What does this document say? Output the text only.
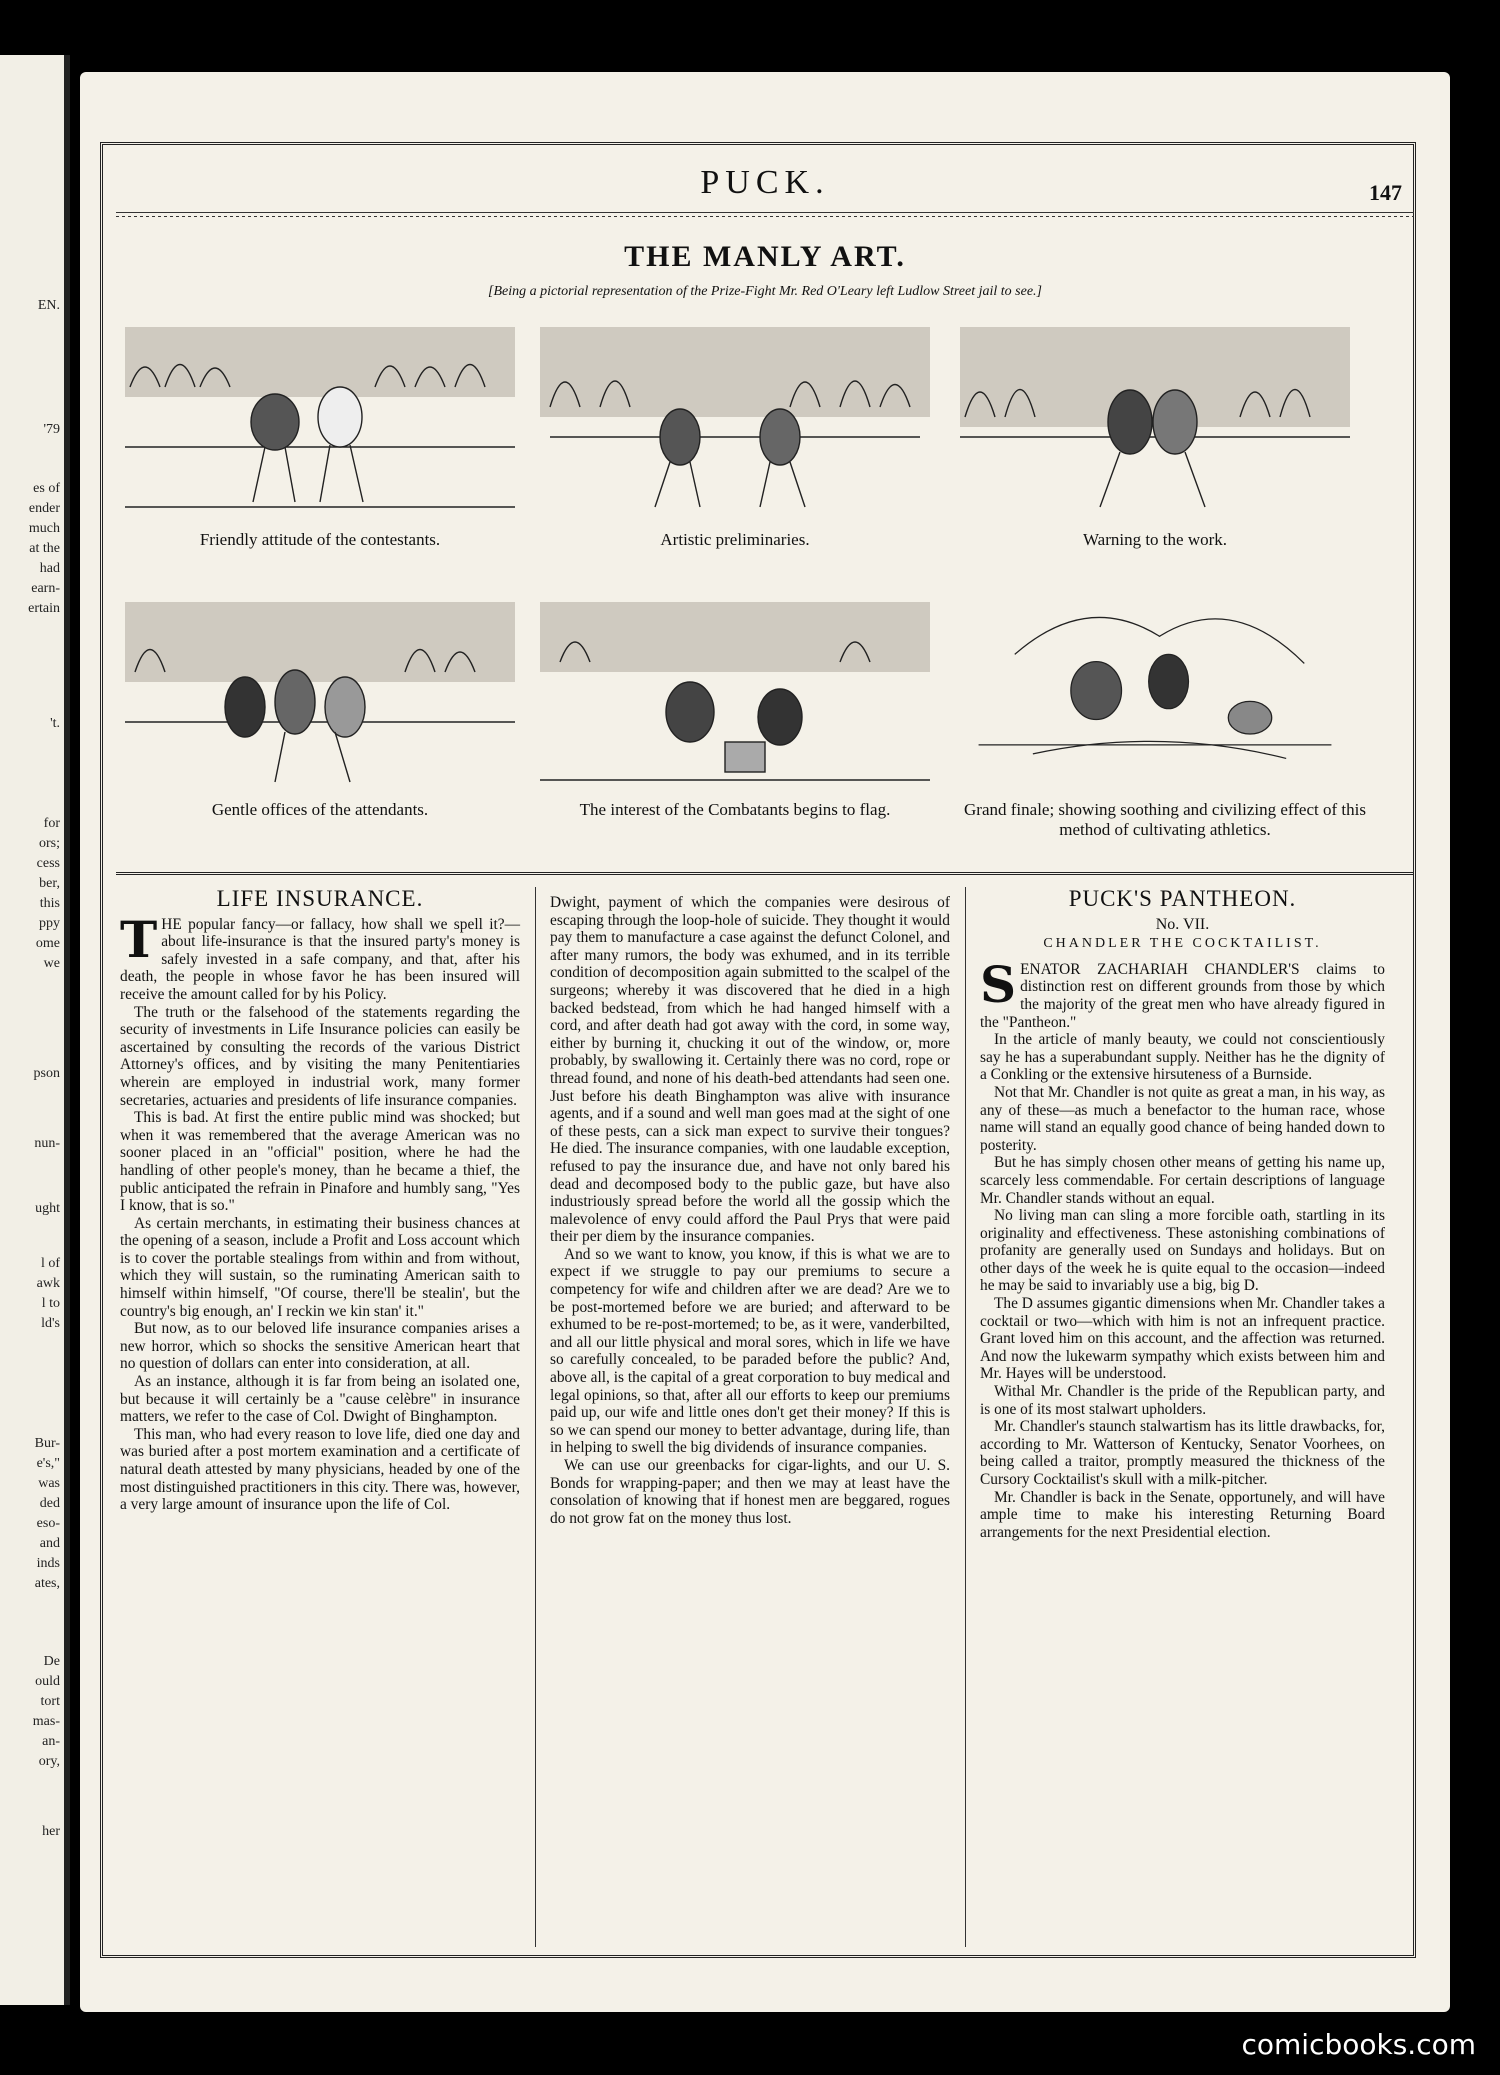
EN.
'79
es of
ender
much
at the
had
earn-
ertain
't.
for
ors;
cess
ber,
this
ppy
ome
we
pson
nun-
ught
l of
awk
l to
ld's
Bur-
e's,"
was
ded
eso-
and
inds
ates,
De
ould
tort
mas-
an-
ory,
her
PUCK.	147
THE MANLY ART.
[Being a pictorial representation of the Prize-Fight Mr. Red O'Leary left Ludlow Street jail to see.]
Friendly attitude of the contestants.	Artistic preliminaries.	Warning to the work.
Gentle offices of the attendants.	The interest of the Combatants begins to flag.	Grand finale; showing soothing and civilizing effect of this method of cultivating athletics.
LIFE INSURANCE.

THE popular fancy—or fallacy, how shall we spell it?—about life-insurance is that the insured party's money is safely invested in a safe company, and that, after his death, the people in whose favor he has been insured will receive the amount called for by his Policy.

The truth or the falsehood of the statements regarding the security of investments in Life Insurance policies can easily be ascertained by consulting the records of the various District Attorney's offices, and by visiting the many Penitentiaries wherein are employed in industrial work, many former secretaries, actuaries and presidents of life insurance companies.

This is bad. At first the entire public mind was shocked; but when it was remembered that the average American was no sooner placed in an "official" position, where he had the handling of other people's money, than he became a thief, the public anticipated the refrain in Pinafore and humbly sang, "Yes I know, that is so."

As certain merchants, in estimating their business chances at the opening of a season, include a Profit and Loss account which is to cover the portable stealings from within and from without, which they will sustain, so the ruminating American saith to himself within himself, "Of course, there'll be stealin', but the country's big enough, an' I reckin we kin stan' it."

But now, as to our beloved life insurance companies arises a new horror, which so shocks the sensitive American heart that no question of dollars can enter into consideration, at all.

As an instance, although it is far from being an isolated one, but because it will certainly be a "cause celèbre" in insurance matters, we refer to the case of Col. Dwight of Binghampton.

This man, who had every reason to love life, died one day and was buried after a post mortem examination and a certificate of natural death attested by many physicians, headed by one of the most distinguished practitioners in this city. There was, however, a very large amount of insurance upon the life of Col.

Dwight, payment of which the companies were desirous of escaping through the loop-hole of suicide. They thought it would pay them to manufacture a case against the defunct Colonel, and after many rumors, the body was exhumed, and in its terrible condition of decomposition again submitted to the scalpel of the surgeons; whereby it was discovered that he died in a high backed bedstead, from which he had hanged himself with a cord, and after death had got away with the cord, in some way, either by burning it, chucking it out of the window, or, more probably, by swallowing it. Certainly there was no cord, rope or thread found, and none of his death-bed attendants had seen one. Just before his death Binghampton was alive with insurance agents, and if a sound and well man goes mad at the sight of one of these pests, can a sick man expect to survive their tongues? He died. The insurance companies, with one laudable exception, refused to pay the insurance due, and have not only bared his dead and decomposed body to the public gaze, but have also industriously spread before the world all the gossip which the malevolence of envy could afford the Paul Prys that were paid their per diem by the insurance companies.

And so we want to know, you know, if this is what we are to expect if we struggle to pay our premiums to secure a competency for wife and children after we are dead? Are we to be post-mortemed before we are buried; and afterward to be exhumed to be re-post-mortemed; to be, as it were, vanderbilted, and all our little physical and moral sores, which in life we have so carefully concealed, to be paraded before the public? And, above all, is the capital of a great corporation to buy medical and legal opinions, so that, after all our efforts to keep our premiums paid up, our wife and little ones don't get their money? If this is so we can spend our money to better advantage, during life, than in helping to swell the big dividends of insurance companies.

We can use our greenbacks for cigar-lights, and our U. S. Bonds for wrapping-paper; and then we may at least have the consolation of knowing that if honest men are beggared, rogues do not grow fat on the money thus lost.

PUCK'S PANTHEON.
No. VII.
CHANDLER THE COCKTAILIST.

SENATOR ZACHARIAH CHANDLER'S claims to distinction rest on different grounds from those by which the majority of the great men who have already figured in the "Pantheon."

In the article of manly beauty, we could not conscientiously say he has a superabundant supply. Neither has he the dignity of a Conkling or the extensive hirsuteness of a Burnside.

Not that Mr. Chandler is not quite as great a man, in his way, as any of these—as much a benefactor to the human race, whose name will stand an equally good chance of being handed down to posterity.

But he has simply chosen other means of getting his name up, scarcely less commendable. For certain descriptions of language Mr. Chandler stands without an equal.

No living man can sling a more forcible oath, startling in its originality and effectiveness. These astonishing combinations of profanity are generally used on Sundays and holidays. But on other days of the week he is quite equal to the occasion—indeed he may be said to invariably use a big, big D.

The D assumes gigantic dimensions when Mr. Chandler takes a cocktail or two—which with him is not an infrequent practice. Grant loved him on this account, and the affection was returned. And now the lukewarm sympathy which exists between him and Mr. Hayes will be understood.

Withal Mr. Chandler is the pride of the Republican party, and is one of its most stalwart upholders.

Mr. Chandler's staunch stalwartism has its little drawbacks, for, according to Mr. Watterson of Kentucky, Senator Voorhees, on being called a traitor, promptly measured the thickness of the Cursory Cocktailist's skull with a milk-pitcher.

Mr. Chandler is back in the Senate, opportunely, and will have ample time to make his interesting Returning Board arrangements for the next Presidential election.

comicbooks.com
